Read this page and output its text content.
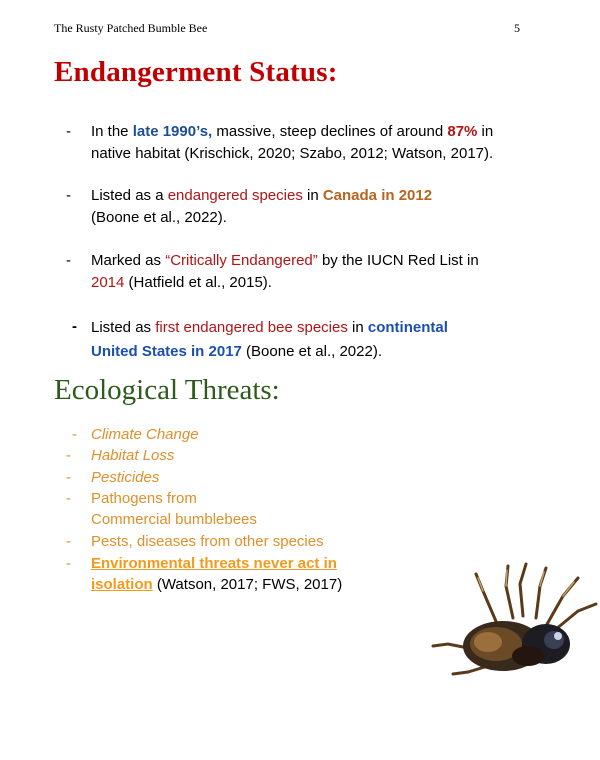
The Rusty Patched Bumble Bee	5
Endangerment Status:
- In the late 1990’s, massive, steep declines of around 87% in
native habitat (Krischick, 2020; Szabo, 2012; Watson, 2017).
- Listed as a endangered species in Canada in 2012
(Boone et al., 2022).
- Marked as “Critically Endangered” by the IUCN Red List in
2014 (Hatfield et al., 2015).
- Listed as first endangered bee species in continental
United States in 2017 (Boone et al., 2022).
Ecological Threats:
- Climate Change
- Habitat Loss
- Pesticides
- Pathogens from
Commercial bumblebees
- Pests, diseases from other species
- Environmental threats never act in
isolation (Watson, 2017; FWS, 2017)
